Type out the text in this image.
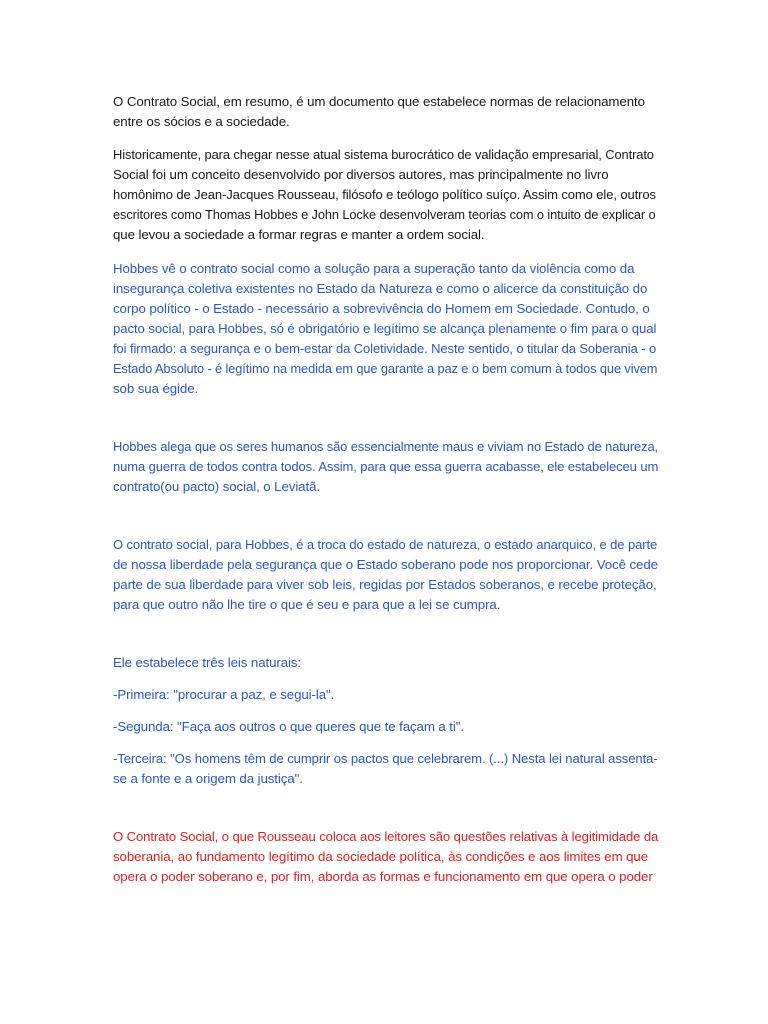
O Contrato Social, em resumo, é um documento que estabelece normas de relacionamento
entre os sócios e a sociedade.

Historicamente, para chegar nesse atual sistema burocrático de validação empresarial, Contrato
Social foi um conceito desenvolvido por diversos autores, mas principalmente no livro
homônimo de Jean-Jacques Rousseau, filósofo e teólogo político suíço. Assim como ele, outros
escritores como Thomas Hobbes e John Locke desenvolveram teorias com o intuito de explicar o
que levou a sociedade a formar regras e manter a ordem social.

Hobbes vê o contrato social como a solução para a superação tanto da violência como da
insegurança coletiva existentes no Estado da Natureza e como o alicerce da constituição do
corpo político - o Estado - necessário a sobrevivência do Homem em Sociedade. Contudo, o
pacto social, para Hobbes, só é obrigatório e legítimo se alcança plenamente o fim para o qual
foi firmado: a segurança e o bem-estar da Coletividade. Neste sentido, o titular da Soberania - o
Estado Absoluto - é legítimo na medida em que garante a paz e o bem comum à todos que vivem
sob sua égide.

Hobbes alega que os seres humanos são essencialmente maus e viviam no Estado de natureza,
numa guerra de todos contra todos. Assim, para que essa guerra acabasse, ele estabeleceu um
contrato(ou pacto) social, o Leviatã.

O contrato social, para Hobbes, é a troca do estado de natureza, o estado anarquico, e de parte
de nossa liberdade pela segurança que o Estado soberano pode nos proporcionar. Você cede
parte de sua liberdade para viver sob leis, regidas por Estados soberanos, e recebe proteção,
para que outro não lhe tire o que é seu e para que a lei se cumpra.

Ele estabelece três leis naturais:

-Primeira: "procurar a paz, e segui-la".

-Segunda: "Faça aos outros o que queres que te façam a ti".

-Terceira: "Os homens têm de cumprir os pactos que celebrarem. (...) Nesta lei natural assenta-
se a fonte e a origem da justiça".

O Contrato Social, o que Rousseau coloca aos leitores são questões relativas à legitimidade da
soberania, ao fundamento legítimo da sociedade política, às condições e aos limites em que
opera o poder soberano e, por fim, aborda as formas e funcionamento em que opera o poder
